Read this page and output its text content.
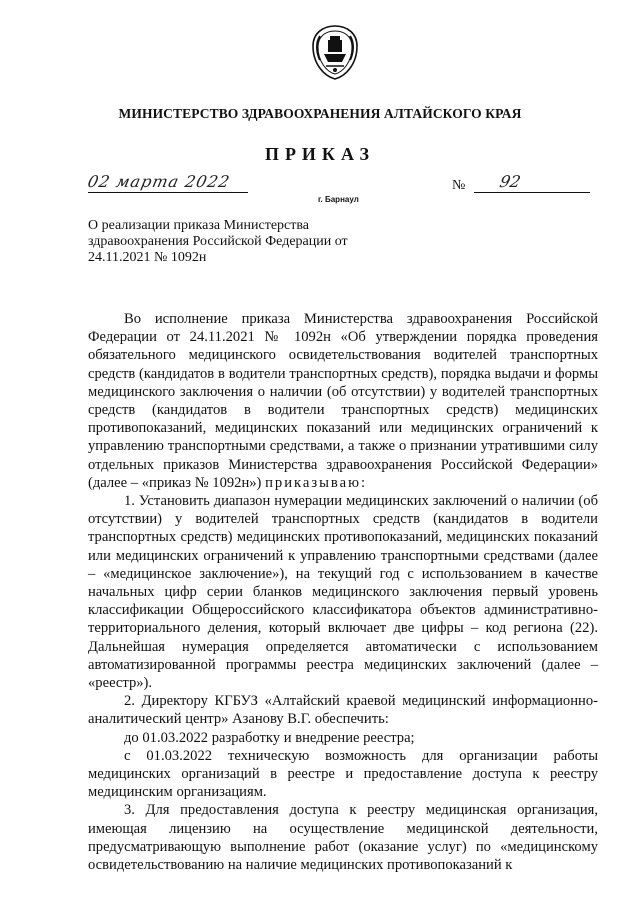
МИНИСТЕРСТВО ЗДРАВООХРАНЕНИЯ АЛТАЙСКОГО КРАЯ
ПРИКАЗ
02 марта 2022
г. Барнаул
№ 92
О реализации приказа Министерства здравоохранения Российской Федерации от 24.11.2021 № 1092н

Во исполнение приказа Министерства здравоохранения Российской Федерации от 24.11.2021 № 1092н «Об утверждении порядка проведения обязательного медицинского освидетельствования водителей транспортных средств (кандидатов в водители транспортных средств), порядка выдачи и формы медицинского заключения о наличии (об отсутствии) у водителей транспортных средств (кандидатов в водители транспортных средств) медицинских противопоказаний, медицинских показаний или медицинских ограничений к управлению транспортными средствами, а также о признании утратившими силу отдельных приказов Министерства здравоохранения Российской Федерации» (далее – «приказ № 1092н») приказываю:

1. Установить диапазон нумерации медицинских заключений о наличии (об отсутствии) у водителей транспортных средств (кандидатов в водители транспортных средств) медицинских противопоказаний, медицинских показаний или медицинских ограничений к управлению транспортными средствами (далее – «медицинское заключение»), на текущий год с использованием в качестве начальных цифр серии бланков медицинского заключения первый уровень классификации Общероссийского классификатора объектов административно-территориального деления, который включает две цифры – код региона (22). Дальнейшая нумерация определяется автоматически с использованием автоматизированной программы реестра медицинских заключений (далее – «реестр»).

2. Директору КГБУЗ «Алтайский краевой медицинский информационно-аналитический центр» Азанову В.Г. обеспечить:

до 01.03.2022 разработку и внедрение реестра;

с 01.03.2022 техническую возможность для организации работы медицинских организаций в реестре и предоставление доступа к реестру медицинским организациям.

3. Для предоставления доступа к реестру медицинская организация, имеющая лицензию на осуществление медицинской деятельности, предусматривающую выполнение работ (оказание услуг) по «медицинскому освидетельствованию на наличие медицинских противопоказаний к
